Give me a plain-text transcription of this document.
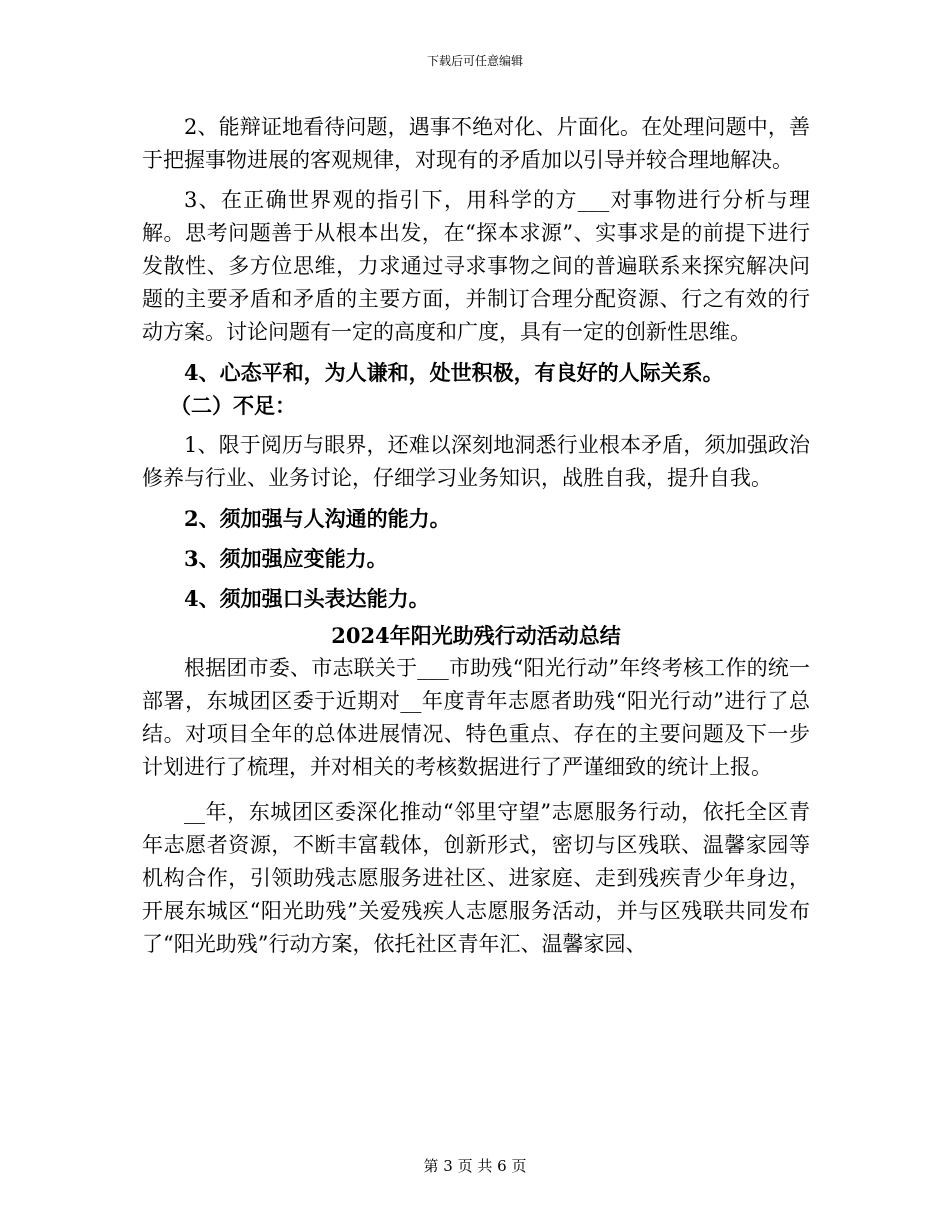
下载后可任意编辑

2、能辩证地看待问题，遇事不绝对化、片面化。在处理问题中，善于把握事物进展的客观规律，对现有的矛盾加以引导并较合理地解决。

3、在正确世界观的指引下，用科学的方___对事物进行分析与理解。思考问题善于从根本出发，在“探本求源”、实事求是的前提下进行发散性、多方位思维，力求通过寻求事物之间的普遍联系来探究解决问题的主要矛盾和矛盾的主要方面，并制订合理分配资源、行之有效的行动方案。讨论问题有一定的高度和广度，具有一定的创新性思维。

4、心态平和，为人谦和，处世积极，有良好的人际关系。

（二）不足：

1、限于阅历与眼界，还难以深刻地洞悉行业根本矛盾，须加强政治修养与行业、业务讨论，仔细学习业务知识，战胜自我，提升自我。

2、须加强与人沟通的能力。

3、须加强应变能力。

4、须加强口头表达能力。

2024年阳光助残行动活动总结

根据团市委、市志联关于___市助残“阳光行动”年终考核工作的统一部署，东城团区委于近期对__年度青年志愿者助残“阳光行动”进行了总结。对项目全年的总体进展情况、特色重点、存在的主要问题及下一步计划进行了梳理，并对相关的考核数据进行了严谨细致的统计上报。

__年，东城团区委深化推动“邻里守望”志愿服务行动，依托全区青年志愿者资源，不断丰富载体，创新形式，密切与区残联、温馨家园等机构合作，引领助残志愿服务进社区、进家庭、走到残疾青少年身边，开展东城区“阳光助残”关爱残疾人志愿服务活动，并与区残联共同发布了“阳光助残”行动方案，依托社区青年汇、温馨家园、

第 3 页 共 6 页
